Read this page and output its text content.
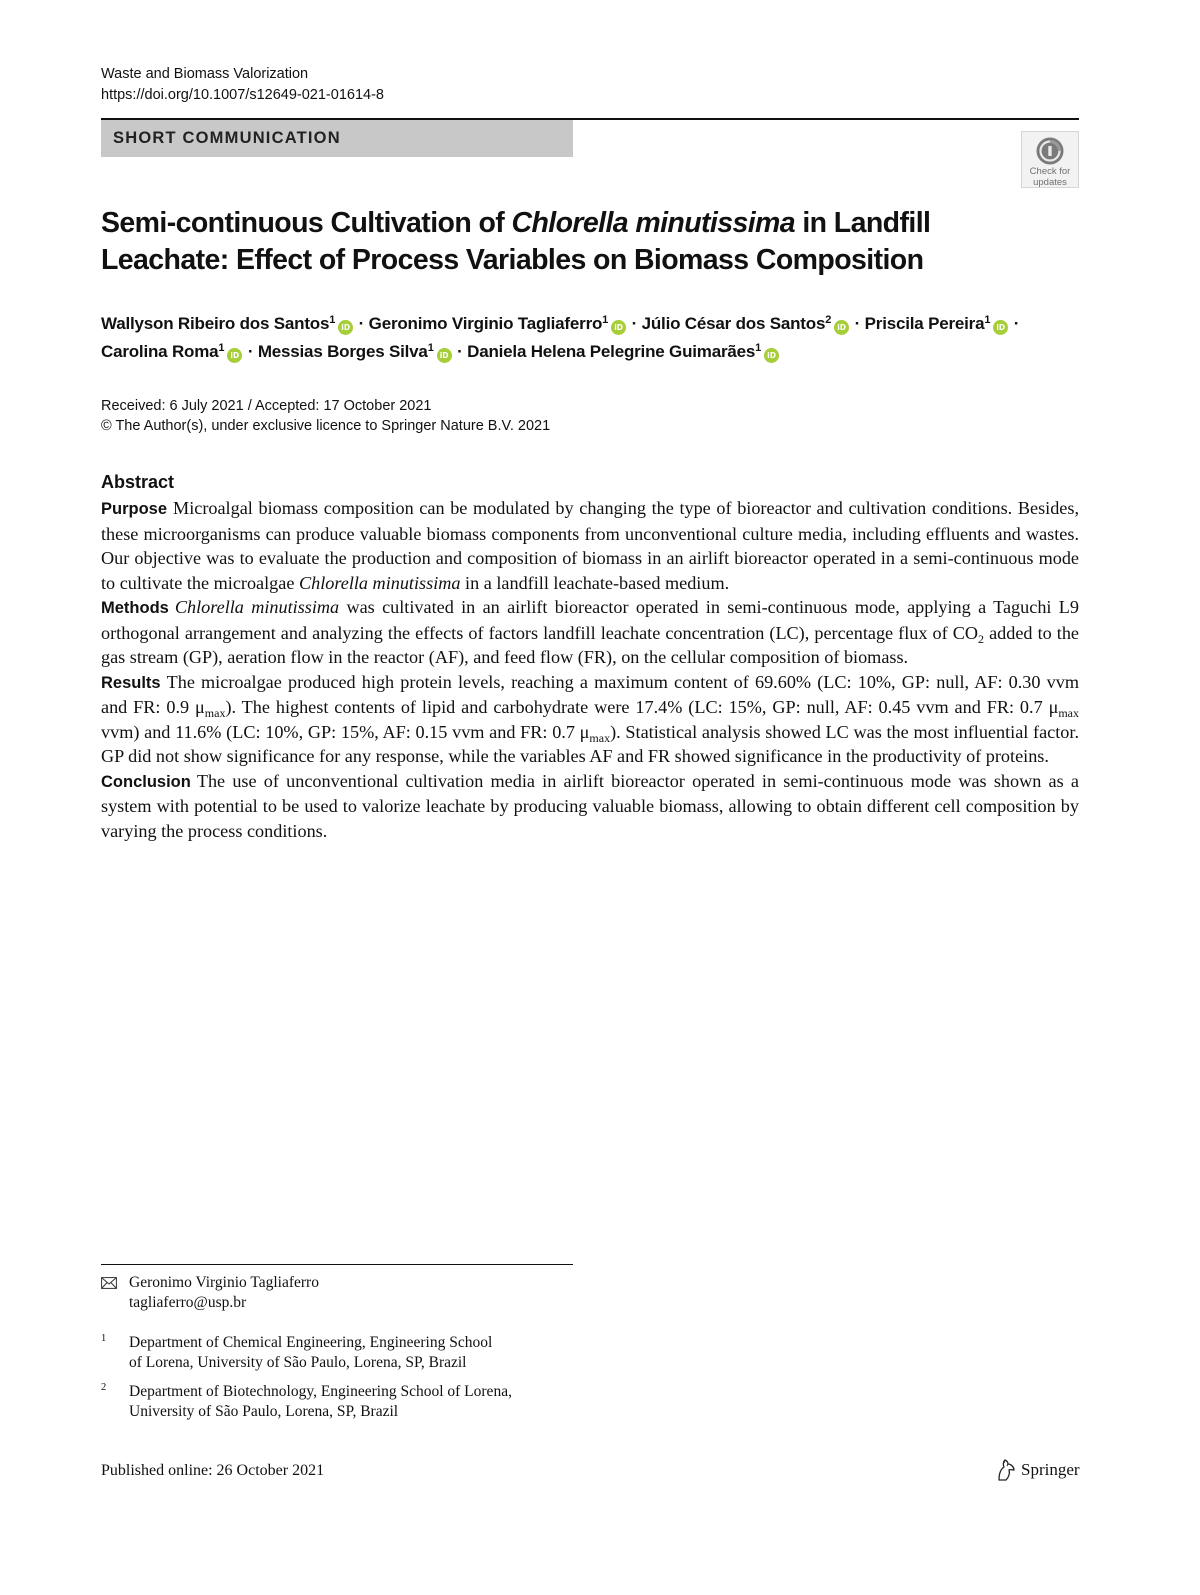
Waste and Biomass Valorization
https://doi.org/10.1007/s12649-021-01614-8
SHORT COMMUNICATION
Check for
updates
Semi-continuous Cultivation of Chlorella minutissima in Landfill Leachate: Effect of Process Variables on Biomass Composition

Wallyson Ribeiro dos Santos$^1$iD · Geronimo Virginio Tagliaferro$^1$iD · Júlio César dos Santos$^2$iD · Priscila Pereira$^1$iD ·
Carolina Roma$^1$iD · Messias Borges Silva$^1$iD · Daniela Helena Pelegrine Guimarães$^1$iD

Received: 6 July 2021 / Accepted: 17 October 2021
© The Author(s), under exclusive licence to Springer Nature B.V. 2021
Abstract

Purpose Microalgal biomass composition can be modulated by changing the type of bioreactor and cultivation conditions. Besides, these microorganisms can produce valuable biomass components from unconventional culture media, including effluents and wastes. Our objective was to evaluate the production and composition of biomass in an airlift bioreactor operated in a semi-continuous mode to cultivate the microalgae Chlorella minutissima in a landfill leachate-based medium.

Methods Chlorella minutissima was cultivated in an airlift bioreactor operated in semi-continuous mode, applying a Taguchi L9 orthogonal arrangement and analyzing the effects of factors landfill leachate concentration (LC), percentage flux of $CO_2$ added to the gas stream (GP), aeration flow in the reactor (AF), and feed flow (FR), on the cellular composition of biomass.

Results The microalgae produced high protein levels, reaching a maximum content of 69.60% (LC: 10%, GP: null, AF: 0.30 vvm and FR: 0.9 $\mu_{max}$). The highest contents of lipid and carbohydrate were 17.4% (LC: 15%, GP: null, AF: 0.45 vvm and FR: 0.7 $\mu_{max}$ vvm) and 11.6% (LC: 10%, GP: 15%, AF: 0.15 vvm and FR: 0.7 $\mu_{max}$). Statistical analysis showed LC was the most influential factor. GP did not show significance for any response, while the variables AF and FR showed significance in the productivity of proteins.

Conclusion The use of unconventional cultivation media in airlift bioreactor operated in semi-continuous mode was shown as a system with potential to be used to valorize leachate by producing valuable biomass, allowing to obtain different cell composition by varying the process conditions.

Geronimo Virginio Tagliaferro
tagliaferro@usp.br
1 Department of Chemical Engineering, Engineering School
of Lorena, University of São Paulo, Lorena, SP, Brazil
2 Department of Biotechnology, Engineering School of Lorena,
University of São Paulo, Lorena, SP, Brazil
Published online: 26 October 2021	Springer
